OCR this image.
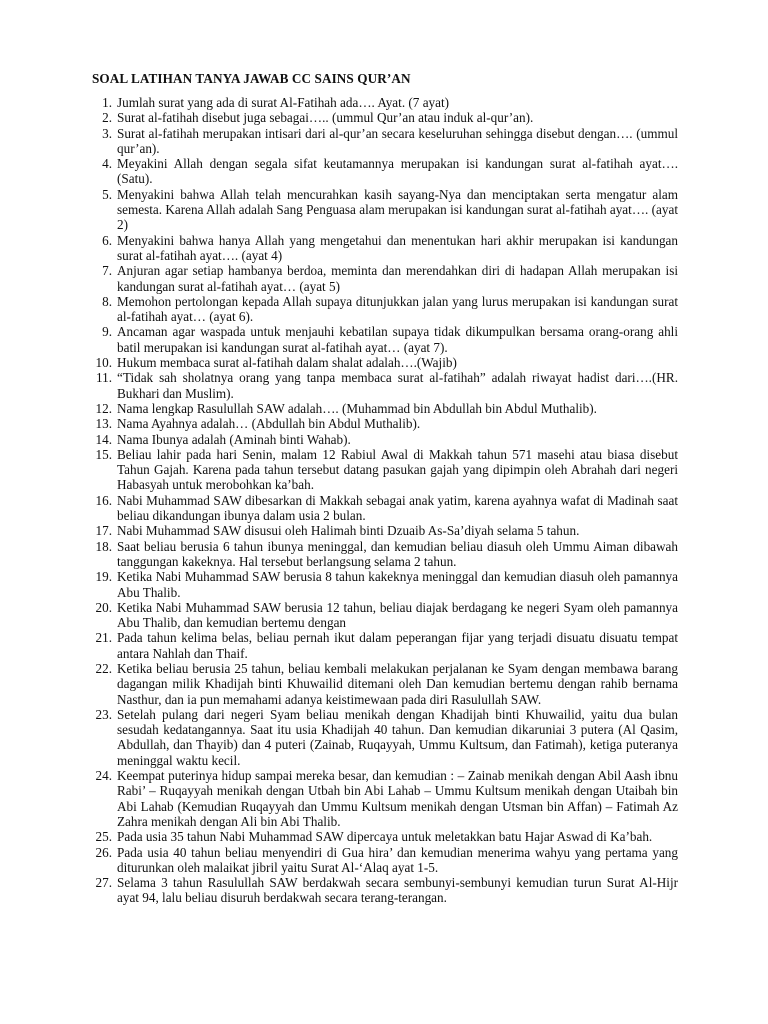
SOAL LATIHAN TANYA JAWAB CC SAINS QUR’AN
1. Jumlah surat yang ada di surat Al-Fatihah ada…. Ayat. (7 ayat)
2. Surat al-fatihah disebut juga sebagai….. (ummul Qur’an atau induk al-qur’an).
3. Surat al-fatihah merupakan intisari dari al-qur’an secara keseluruhan sehingga disebut dengan…. (ummul qur’an).
4. Meyakini Allah dengan segala sifat keutamannya merupakan isi kandungan surat al-fatihah ayat…. (Satu).
5. Menyakini bahwa Allah telah mencurahkan kasih sayang-Nya dan menciptakan serta mengatur alam semesta. Karena Allah adalah Sang Penguasa alam merupakan isi kandungan surat al-fatihah ayat…. (ayat 2)
6. Menyakini bahwa hanya Allah yang mengetahui dan menentukan hari akhir merupakan isi kandungan surat al-fatihah ayat…. (ayat 4)
7. Anjuran agar setiap hambanya berdoa, meminta dan merendahkan diri di hadapan Allah merupakan isi kandungan surat al-fatihah ayat… (ayat 5)
8. Memohon pertolongan kepada Allah supaya ditunjukkan jalan yang lurus merupakan isi kandungan surat al-fatihah ayat… (ayat 6).
9. Ancaman agar waspada untuk menjauhi kebatilan supaya tidak dikumpulkan bersama orang-orang ahli batil merupakan isi kandungan surat al-fatihah ayat… (ayat 7).
10. Hukum membaca surat al-fatihah dalam shalat adalah….(Wajib)
11. “Tidak sah sholatnya orang yang tanpa membaca surat al-fatihah” adalah riwayat hadist dari….(HR. Bukhari dan Muslim).
12. Nama lengkap Rasulullah SAW adalah…. (Muhammad bin Abdullah bin Abdul Muthalib).
13. Nama Ayahnya adalah… (Abdullah bin Abdul Muthalib).
14. Nama Ibunya adalah (Aminah binti Wahab).
15. Beliau lahir pada hari Senin, malam 12 Rabiul Awal di Makkah tahun 571 masehi atau biasa disebut Tahun Gajah. Karena pada tahun tersebut datang pasukan gajah yang dipimpin oleh Abrahah dari negeri Habasyah untuk merobohkan ka’bah.
16. Nabi Muhammad SAW dibesarkan di Makkah sebagai anak yatim, karena ayahnya wafat di Madinah saat beliau dikandungan ibunya dalam usia 2 bulan.
17. Nabi Muhammad SAW disusui oleh Halimah binti Dzuaib As-Sa’diyah selama 5 tahun.
18. Saat beliau berusia 6 tahun ibunya meninggal, dan kemudian beliau diasuh oleh Ummu Aiman dibawah tanggungan kakeknya. Hal tersebut berlangsung selama 2 tahun.
19. Ketika Nabi Muhammad SAW berusia 8 tahun kakeknya meninggal dan kemudian diasuh oleh pamannya Abu Thalib.
20. Ketika Nabi Muhammad SAW berusia 12 tahun, beliau diajak berdagang ke negeri Syam oleh pamannya Abu Thalib, dan kemudian bertemu dengan
21. Pada tahun kelima belas, beliau pernah ikut dalam peperangan fijar yang terjadi disuatu disuatu tempat antara Nahlah dan Thaif.
22. Ketika beliau berusia 25 tahun, beliau kembali melakukan perjalanan ke Syam dengan membawa barang dagangan milik Khadijah binti Khuwailid ditemani oleh Dan kemudian bertemu dengan rahib bernama Nasthur, dan ia pun memahami adanya keistimewaan pada diri Rasulullah SAW.
23. Setelah pulang dari negeri Syam beliau menikah dengan Khadijah binti Khuwailid, yaitu dua bulan sesudah kedatangannya. Saat itu usia Khadijah 40 tahun. Dan kemudian dikaruniai 3 putera (Al Qasim, Abdullah, dan Thayib) dan 4 puteri (Zainab, Ruqayyah, Ummu Kultsum, dan Fatimah), ketiga puteranya meninggal waktu kecil.
24. Keempat puterinya hidup sampai mereka besar, dan kemudian : – Zainab menikah dengan Abil Aash ibnu Rabi’ – Ruqayyah menikah dengan Utbah bin Abi Lahab – Ummu Kultsum menikah dengan Utaibah bin Abi Lahab (Kemudian Ruqayyah dan Ummu Kultsum menikah dengan Utsman bin Affan) – Fatimah Az Zahra menikah dengan Ali bin Abi Thalib.
25. Pada usia 35 tahun Nabi Muhammad SAW dipercaya untuk meletakkan batu Hajar Aswad di Ka’bah.
26. Pada usia 40 tahun beliau menyendiri di Gua hira’ dan kemudian menerima wahyu yang pertama yang diturunkan oleh malaikat jibril yaitu Surat Al-‘Alaq ayat 1-5.
27. Selama 3 tahun Rasulullah SAW berdakwah secara sembunyi-sembunyi kemudian turun Surat Al-Hijr ayat 94, lalu beliau disuruh berdakwah secara terang-terangan.
